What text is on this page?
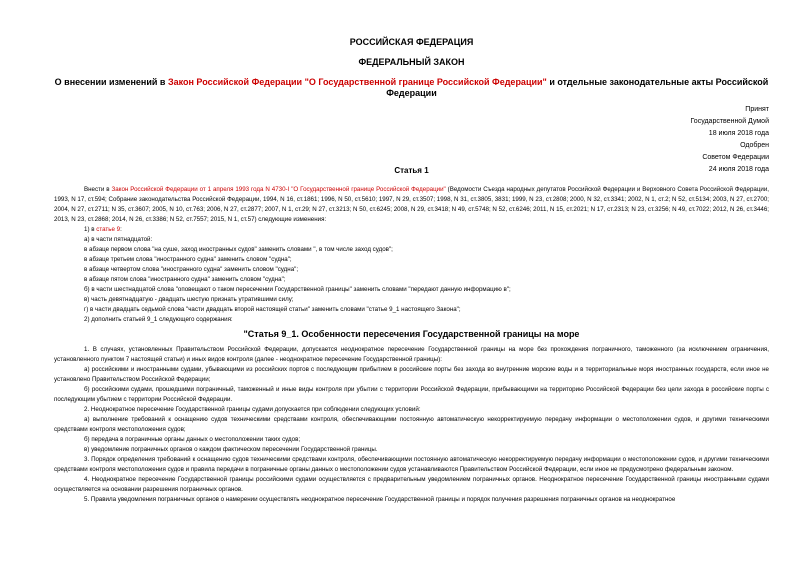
РОССИЙСКАЯ ФЕДЕРАЦИЯ
ФЕДЕРАЛЬНЫЙ ЗАКОН
О внесении изменений в Закон Российской Федерации "О Государственной границе Российской Федерации" и отдельные законодательные акты Российской Федерации
Принят
Государственной Думой
18 июля 2018 года
Одобрен
Советом Федерации
24 июля 2018 года
Статья 1

Внести в Закон Российской Федерации от 1 апреля 1993 года N 4730-I "О Государственной границе Российской Федерации" (Ведомости Съезда народных депутатов Российской Федерации и Верховного Совета Российской Федерации, 1993, N 17, ст.594; Собрание законодательства Российской Федерации, 1994, N 16, ст.1861; 1996, N 50, ст.5610; 1997, N 29, ст.3507; 1998, N 31, ст.3805, 3831; 1999, N 23, ст.2808; 2000, N 32, ст.3341; 2002, N 1, ст.2; N 52, ст.5134; 2003, N 27, ст.2700; 2004, N 27, ст.2711; N 35, ст.3607; 2005, N 10, ст.763; 2006, N 27, ст.2877; 2007, N 1, ст.29; N 27, ст.3213; N 50, ст.6245; 2008, N 29, ст.3418; N 49, ст.5748; N 52, ст.6246; 2011, N 15, ст.2021; N 17, ст.2313; N 23, ст.3256; N 49, ст.7022; 2012, N 26, ст.3446; 2013, N 23, ст.2868; 2014, N 26, ст.3386; N 52, ст.7557; 2015, N 1, ст.57) следующие изменения:

1) в статье 9:

а) в части пятнадцатой:

в абзаце первом слова "на суше, заход иностранных судов" заменить словами ", в том числе заход судов";

в абзаце третьем слова "иностранного судна" заменить словом "судна";

в абзаце четвертом слова "иностранного судна" заменить словом "судна";

в абзаце пятом слова "иностранного судна" заменить словом "судна";

б) в части шестнадцатой слова "оповещают о таком пересечении Государственной границы" заменить словами "передают данную информацию в";

в) часть девятнадцатую - двадцать шестую признать утратившими силу;

г) в части двадцать седьмой слова "части двадцать второй настоящей статьи" заменить словами "статье 9_1 настоящего Закона";

2) дополнить статьей 9_1 следующего содержания:

"Статья 9_1. Особенности пересечения Государственной границы на море

1. В случаях, установленных Правительством Российской Федерации, допускается неоднократное пересечение Государственной границы на море без прохождения пограничного, таможенного (за исключением ограничения, установленного пунктом 7 настоящей статьи) и иных видов контроля (далее - неоднократное пересечение Государственной границы):

а) российскими и иностранными судами, убывающими из российских портов с последующим прибытием в российские порты без захода во внутренние морские воды и в территориальные моря иностранных государств, если иное не установлено Правительством Российской Федерации;

б) российскими судами, прошедшими пограничный, таможенный и иные виды контроля при убытии с территории Российской Федерации, прибывающими на территорию Российской Федерации без цели захода в российские порты с последующим убытием с территории Российской Федерации.

2. Неоднократное пересечение Государственной границы судами допускается при соблюдении следующих условий:

а) выполнение требований к оснащению судов техническими средствами контроля, обеспечивающими постоянную автоматическую некорректируемую передачу информации о местоположении судов, и другими техническими средствами контроля местоположения судов;

б) передача в пограничные органы данных о местоположении таких судов;

в) уведомление пограничных органов о каждом фактическом пересечении Государственной границы.

3. Порядок определения требований к оснащению судов техническими средствами контроля, обеспечивающими постоянную автоматическую некорректируемую передачу информации о местоположении судов, и другими техническими средствами контроля местоположения судов и правила передачи в пограничные органы данных о местоположении судов устанавливаются Правительством Российской Федерации, если иное не предусмотрено федеральным законом.

4. Неоднократное пересечение Государственной границы российскими судами осуществляется с предварительным уведомлением пограничных органов. Неоднократное пересечение Государственной границы иностранными судами осуществляется на основании разрешения пограничных органов.

5. Правила уведомления пограничных органов о намерении осуществлять неоднократное пересечение Государственной границы и порядок получения разрешения пограничных органов на неоднократное
